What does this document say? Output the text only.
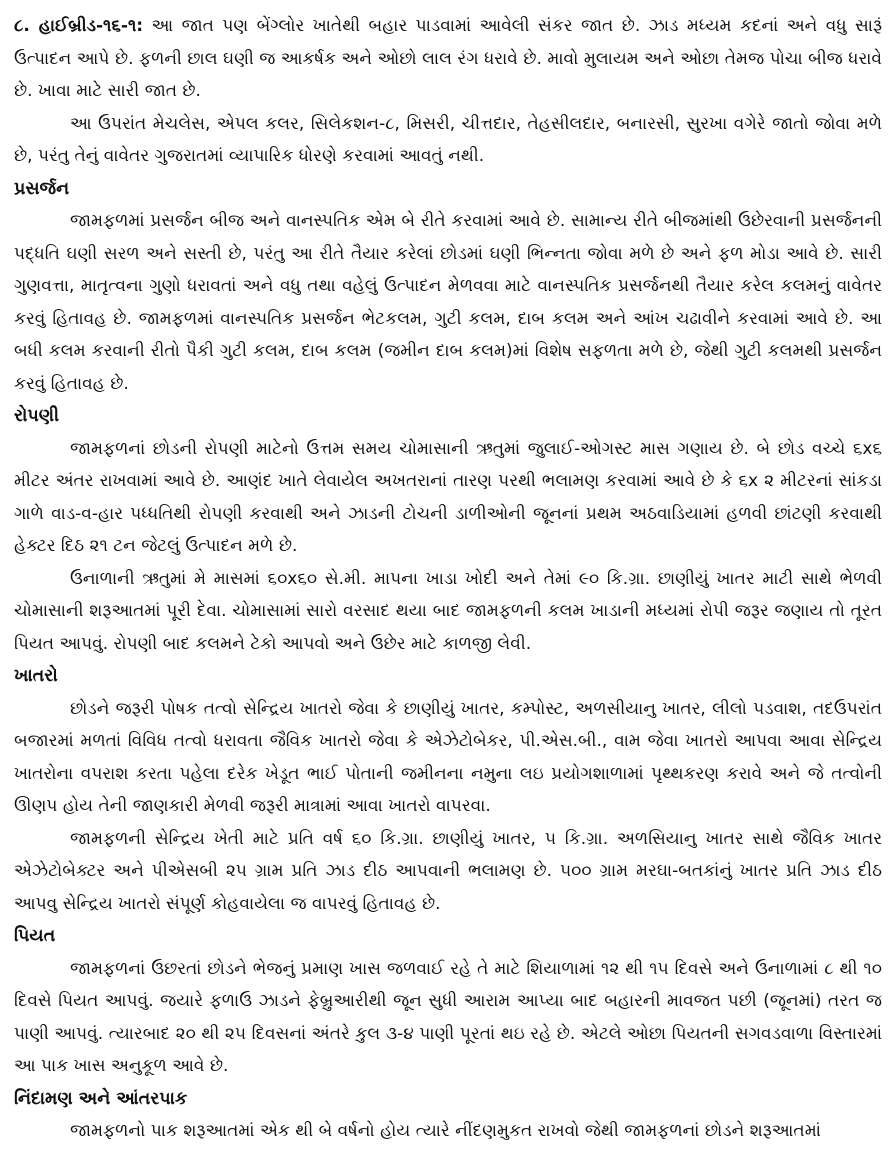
૮. હાઈબ્રીડ-૧૬-૧: આ જાત પણ બેંગ્લોર ખાતેથી બહાર પાડવામાં આવેલી સંકર જાત છે. ઝાડ મધ્યમ કદનાં અને વધુ સારૂં ઉત્પાદન આપે છે. ફળની છાલ ઘણી જ આકર્ષક અને ઓછો લાલ રંગ ધરાવે છે. માવો મુલાયમ અને ઓછા તેમજ પોચા બીજ ધરાવે છે. ખાવા માટે સારી જાત છે.

આ ઉપરાંત મેચલેસ, એપલ કલર, સિલેકશન-૮, મિસરી, ચીત્તદાર, તેહસીલદાર, બનારસી, સુરખા વગેરે જાતો જોવા મળે છે, પરંતુ તેનું વાવેતર ગુજરાતમાં વ્યાપારિક ધોરણે કરવામાં આવતું નથી.

પ્રસર્જન

જામફળમાં પ્રસર્જન બીજ અને વાનસ્પતિક એમ બે રીતે કરવામાં આવે છે. સામાન્ય રીતે બીજમાંથી ઉછેરવાની પ્રસર્જનની પદ્ધતિ ઘણી સરળ અને સસ્તી છે, પરંતુ આ રીતે તૈયાર કરેલાં છોડમાં ઘણી ભિન્નતા જોવા મળે છે અને ફળ મોડા આવે છે. સારી ગુણવત્તા, માતૃત્વના ગુણો ધરાવતાં અને વધુ તથા વહેલું ઉત્પાદન મેળવવા માટે વાનસ્પતિક પ્રસર્જનથી તૈયાર કરેલ કલમનું વાવેતર કરવું હિતાવહ છે. જામફળમાં વાનસ્પતિક પ્રસર્જન ભેટકલમ, ગુટી કલમ, દાબ કલમ અને આંખ ચઢાવીને કરવામાં આવે છે. આ બધી કલમ કરવાની રીતો પૈકી ગુટી કલમ, દાબ કલમ (જમીન દાબ કલમ)માં વિશેષ સફળતા મળે છે, જેથી ગુટી કલમથી પ્રસર્જન કરવું હિતાવહ છે.

રોપણી

જામફળનાં છોડની રોપણી માટેનો ઉત્તમ સમય ચોમાસાની ઋતુમાં જુલાઈ-ઓગસ્ટ માસ ગણાય છે. બે છોડ વચ્ચે ૬x૬ મીટર અંતર રાખવામાં આવે છે. આણંદ ખાતે લેવાયેલ અખતરાનાં તારણ પરથી ભલામણ કરવામાં આવે છે કે ૬x ૨ મીટરનાં સાંકડા ગાળે વાડ-વ-હાર પધ્ધતિથી રોપણી કરવાથી અને ઝાડની ટોચની ડાળીઓની જૂનનાં પ્રથમ અઠવાડિયામાં હળવી છાંટણી કરવાથી હેક્ટર દિઠ ૨૧ ટન જેટલું ઉત્પાદન મળે છે.

ઉનાળાની ઋતુમાં મે માસમાં ૬૦x૬૦ સે.મી. માપના ખાડા ખોદી અને તેમાં ૯૦ કિ.ગ્રા. છાણીયું ખાતર માટી સાથે ભેળવી ચોમાસાની શરૂઆતમાં પૂરી દેવા. ચોમાસામાં સારો વરસાદ થયા બાદ જામફળની કલમ ખાડાની મધ્યમાં રોપી જરૂર જણાય તો તૂરત પિયત આપવું. રોપણી બાદ કલમને ટેકો આપવો અને ઉછેર માટે કાળજી લેવી.

ખાતરો

છોડને જરૂરી પોષક તત્વો સેન્દ્રિય ખાતરો જેવા કે છાણીયું ખાતર, કમ્પોસ્ટ, અળસીયાનુ ખાતર, લીલો પડવાશ, તદઉપરાંત બજારમાં મળતાં વિવિધ તત્વો ધરાવતા જૈવિક ખાતરો જેવા કે એઝેટોબેકર, પી.એસ.બી., વામ જેવા ખાતરો આપવા આવા સેન્દ્રિય ખાતરોના વપરાશ કરતા પહેલા દરેક ખેડૂત ભાઈ પોતાની જમીનના નમુના લઇ પ્રયોગશાળામાં પૃથ્થકરણ કરાવે અને જે તત્વોની ઊણપ હોય તેની જાણકારી મેળવી જરૂરી માત્રામાં આવા ખાતરો વાપરવા.

જામફળની સેન્દ્રિય ખેતી માટે પ્રતિ વર્ષ ૬૦ કિ.ગ્રા. છાણીયું ખાતર, ૫ કિ.ગ્રા. અળસિયાનુ ખાતર સાથે જૈવિક ખાતર એઝેટોબેક્ટર અને પીએસબી ૨૫ ગ્રામ પ્રતિ ઝાડ દીઠ આપવાની ભલામણ છે. ૫૦૦ ગ્રામ મરઘા-બતકાંનું ખાતર પ્રતિ ઝાડ દીઠ આપવુ સેન્દ્રિય ખાતરો સંપૂર્ણ કોહવાયેલા જ વાપરવું હિતાવહ છે.

પિયત

જામફળનાં ઉછરતાં છોડને ભેજનું પ્રમાણ ખાસ જળવાઈ રહે તે માટે શિયાળામાં ૧૨ થી ૧૫ દિવસે અને ઉનાળામાં ૮ થી ૧૦ દિવસે પિયત આપવું. જયારે ફળાઉ ઝાડને ફેબ્રુઆરીથી જૂન સુધી આરામ આપ્યા બાદ બહારની માવજત પછી (જૂનમાં) તરત જ પાણી આપવું. ત્યારબાદ ૨૦ થી ૨૫ દિવસનાં અંતરે કુલ ૩-૪ પાણી પૂરતાં થઇ રહે છે. એટલે ઓછા પિયતની સગવડવાળા વિસ્તારમાં આ પાક ખાસ અનુકૂળ આવે છે.

નિંદામણ અને આંતરપાક

જામફળનો પાક શરૂઆતમાં એક થી બે વર્ષનો હોય ત્યારે નીંદણમુકત રાખવો જેથી જામફળનાં છોડને શરૂઆતમાં
